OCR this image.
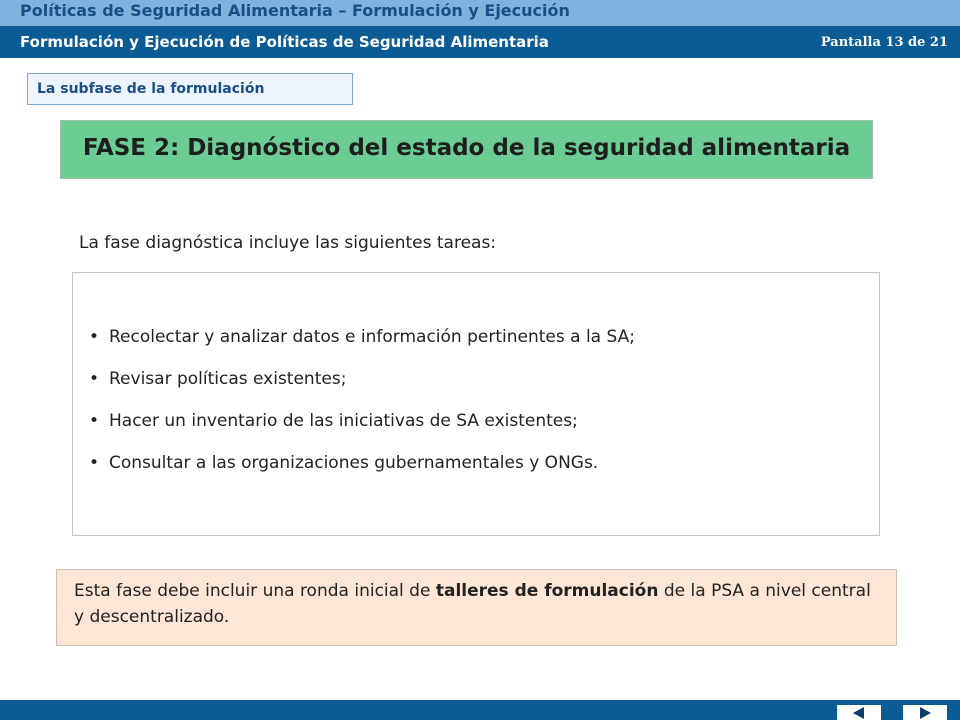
Políticas de Seguridad Alimentaria – Formulación y Ejecución
Formulación y Ejecución de Políticas de Seguridad Alimentaria	Pantalla 13 de 21
La subfase de la formulación
FASE 2: Diagnóstico del estado de la seguridad alimentaria
La fase diagnóstica incluye las siguientes tareas:
• Recolectar y analizar datos e información pertinentes a la SA;
• Revisar políticas existentes;
• Hacer un inventario de las iniciativas de SA existentes;
• Consultar a las organizaciones gubernamentales y ONGs.

Esta fase debe incluir una ronda inicial de talleres de formulación de la PSA a nivel central y descentralizado.
